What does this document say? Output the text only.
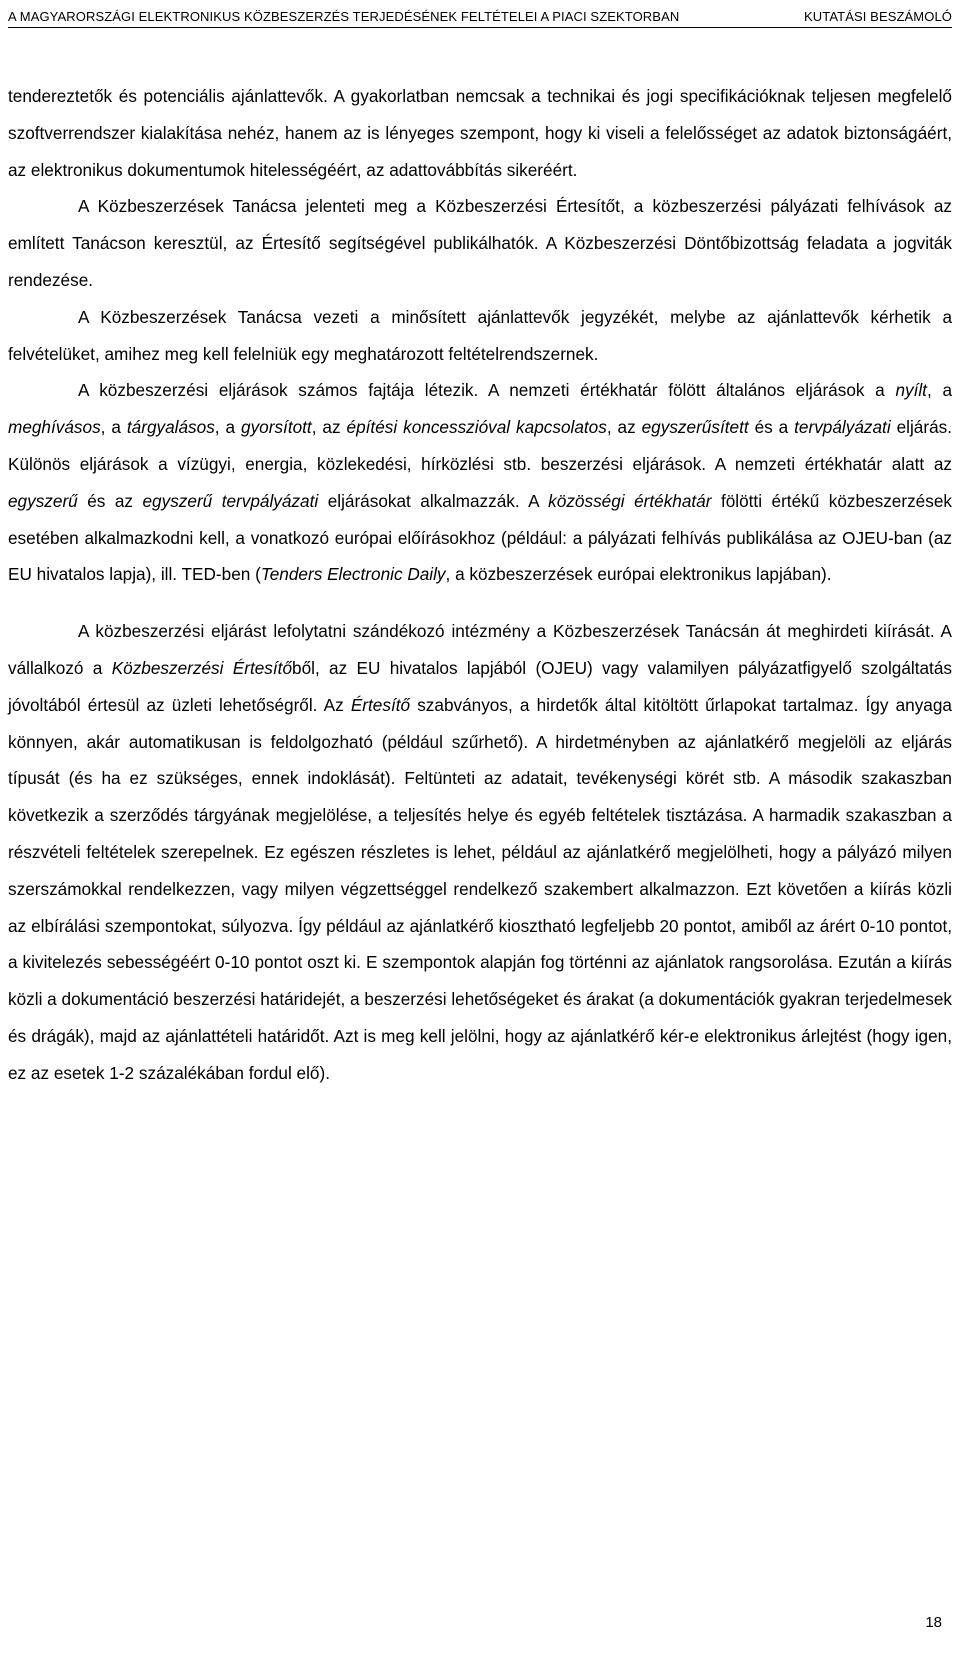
A MAGYARORSZÁGI ELEKTRONIKUS KÖZBESZERZÉS TERJEDÉSÉNEK FELTÉTELEI A PIACI SZEKTORBAN	KUTATÁSI BESZÁMOLÓ

tendereztetők és potenciális ajánlattevők. A gyakorlatban nemcsak a technikai és jogi specifikációknak teljesen megfelelő szoftverrendszer kialakítása nehéz, hanem az is lényeges szempont, hogy ki viseli a felelősséget az adatok biztonságáért, az elektronikus dokumentumok hitelességéért, az adattovábbítás sikeréért.

A Közbeszerzések Tanácsa jelenteti meg a Közbeszerzési Értesítőt, a közbeszerzési pályázati felhívások az említett Tanácson keresztül, az Értesítő segítségével publikálhatók. A Közbeszerzési Döntőbizottság feladata a jogviták rendezése.

A Közbeszerzések Tanácsa vezeti a minősített ajánlattevők jegyzékét, melybe az ajánlattevők kérhetik a felvételüket, amihez meg kell felelniük egy meghatározott feltételrendszernek.

A közbeszerzési eljárások számos fajtája létezik. A nemzeti értékhatár fölött általános eljárások a nyílt, a meghívásos, a tárgyalásos, a gyorsított, az építési koncesszióval kapcsolatos, az egyszerűsített és a tervpályázati eljárás. Különös eljárások a vízügyi, energia, közlekedési, hírközlési stb. beszerzési eljárások. A nemzeti értékhatár alatt az egyszerű és az egyszerű tervpályázati eljárásokat alkalmazzák. A közösségi értékhatár fölötti értékű közbeszerzések esetében alkalmazkodni kell, a vonatkozó európai előírásokhoz (például: a pályázati felhívás publikálása az OJEU-ban (az EU hivatalos lapja), ill. TED-ben (Tenders Electronic Daily, a közbeszerzések európai elektronikus lapjában).

A közbeszerzési eljárást lefolytatni szándékozó intézmény a Közbeszerzések Tanácsán át meghirdeti kiírását. A vállalkozó a Közbeszerzési Értesítőből, az EU hivatalos lapjából (OJEU) vagy valamilyen pályázatfigyelő szolgáltatás jóvoltából értesül az üzleti lehetőségről. Az Értesítő szabványos, a hirdetők által kitöltött űrlapokat tartalmaz. Így anyaga könnyen, akár automatikusan is feldolgozható (például szűrhető). A hirdetményben az ajánlatkérő megjelöli az eljárás típusát (és ha ez szükséges, ennek indoklását). Feltünteti az adatait, tevékenységi körét stb. A második szakaszban következik a szerződés tárgyának megjelölése, a teljesítés helye és egyéb feltételek tisztázása. A harmadik szakaszban a részvételi feltételek szerepelnek. Ez egészen részletes is lehet, például az ajánlatkérő megjelölheti, hogy a pályázó milyen szerszámokkal rendelkezzen, vagy milyen végzettséggel rendelkező szakembert alkalmazzon. Ezt követően a kiírás közli az elbírálási szempontokat, súlyozva. Így például az ajánlatkérő kiosztható legfeljebb 20 pontot, amiből az árért 0-10 pontot, a kivitelezés sebességéért 0-10 pontot oszt ki. E szempontok alapján fog történni az ajánlatok rangsorolása. Ezután a kiírás közli a dokumentáció beszerzési határidejét, a beszerzési lehetőségeket és árakat (a dokumentációk gyakran terjedelmesek és drágák), majd az ajánlattételi határidőt. Azt is meg kell jelölni, hogy az ajánlatkérő kér-e elektronikus árlejtést (hogy igen, ez az esetek 1-2 százalékában fordul elő).

18
